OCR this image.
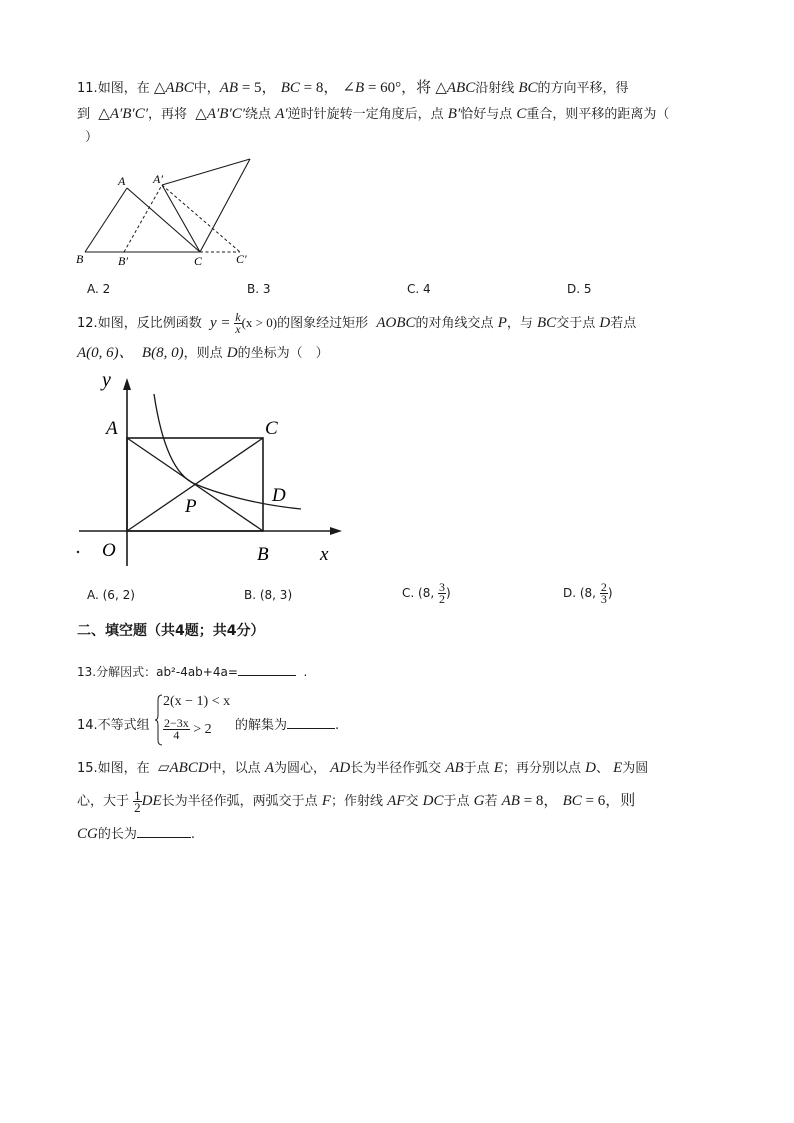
11.如图，在 △ABC中，AB = 5， BC = 8， ∠B = 60°，将 △ABC沿射线 BC的方向平移，得
到 △A′B′C′，再将 △A′B′C′绕点 A′逆时针旋转一定角度后，点 B′恰好与点 C重合，则平移的距离为（
）
A A′
B	B′	C	C′
A. 2	B. 3	C. 4	D. 5
12.如图，反比例函数 $y = \frac{k}{x} (x > 0)$的图象经过矩形 AOBC的对角线交点 P，与 BC交于点 D若点
A(0, 6)、 B(8, 0)，则点 D的坐标为（　）
y
A	C
D
P
O	B	x
A. (6, 2)	B. (8, 3)	C. (8, $\frac{3}{2}$ )	D. (8, $\frac{2}{3}$ )
二、填空题（共4题；共4分）
13.分解因式：ab²-4ab+4a=	.
14.不等式组
2(x − 1) < x
$\frac{2-3x}{4} > 2$ 的解集为	.
15.如图，在 ▱ABCD中，以点 A为圆心， AD长为半径作弧交 AB于点 E；再分别以点 D、 E为圆
心，大于 $\frac{1}{2}$ DE长为半径作弧，两弧交于点 F；作射线 AF交 DC于点 G若 AB = 8， BC = 6，则
CG的长为	.
